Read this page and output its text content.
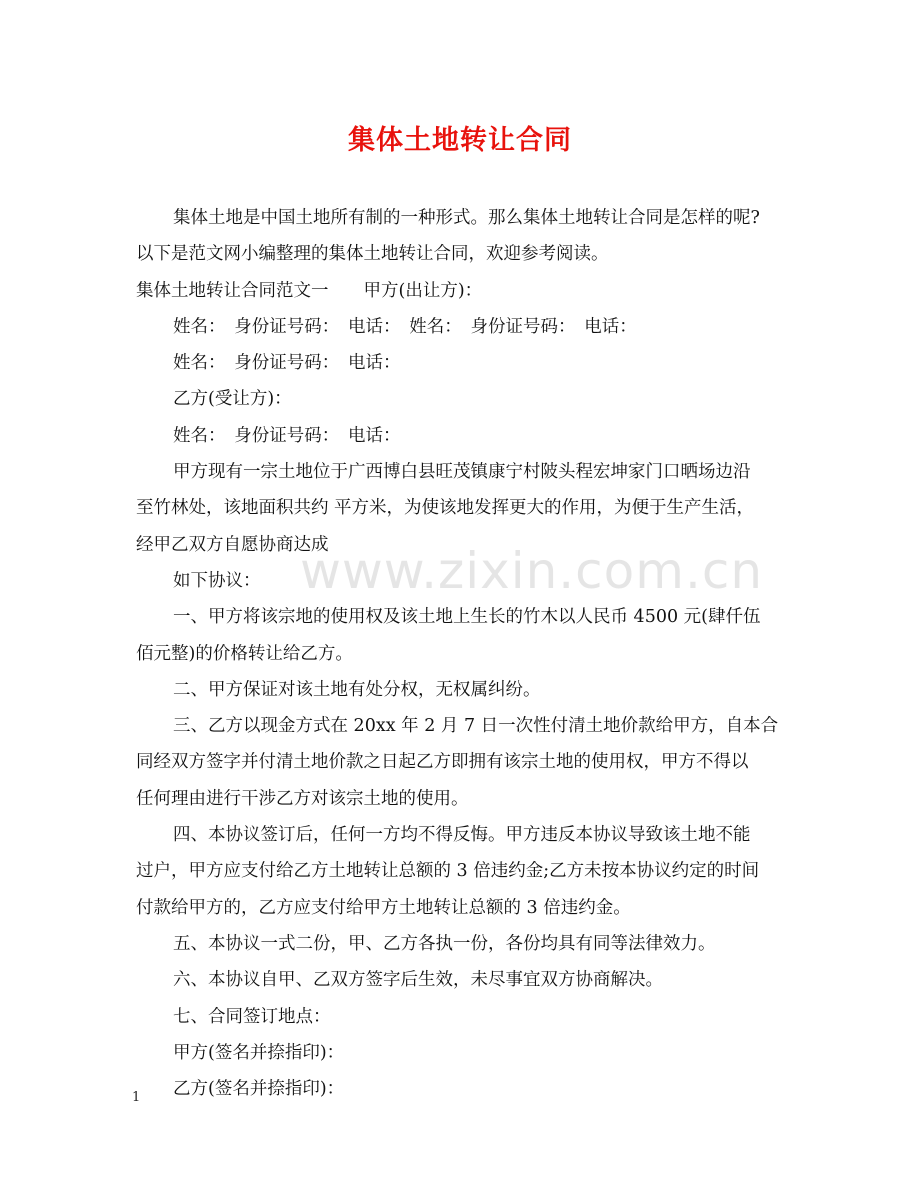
集体土地转让合同

集体土地是中国土地所有制的一种形式。那么集体土地转让合同是怎样的呢?

以下是范文网小编整理的集体土地转让合同，欢迎参考阅读。

集体土地转让合同范文一　　甲方(出让方)：

姓名：　身份证号码：　电话：　姓名：　身份证号码：　电话：

姓名：　身份证号码：　电话：

乙方(受让方)：

姓名：　身份证号码：　电话：

甲方现有一宗土地位于广西博白县旺茂镇康宁村陂头程宏坤家门口晒场边沿

至竹林处，该地面积共约 平方米，为使该地发挥更大的作用，为便于生产生活，

经甲乙双方自愿协商达成

如下协议：

一、甲方将该宗地的使用权及该土地上生长的竹木以人民币 4500 元(肆仟伍

佰元整)的价格转让给乙方。

二、甲方保证对该土地有处分权，无权属纠纷。

三、乙方以现金方式在 20xx 年 2 月 7 日一次性付清土地价款给甲方，自本合

同经双方签字并付清土地价款之日起乙方即拥有该宗土地的使用权，甲方不得以

任何理由进行干涉乙方对该宗土地的使用。

四、本协议签订后，任何一方均不得反悔。甲方违反本协议导致该土地不能

过户，甲方应支付给乙方土地转让总额的 3 倍违约金;乙方未按本协议约定的时间

付款给甲方的，乙方应支付给甲方土地转让总额的 3 倍违约金。

五、本协议一式二份，甲、乙方各执一份，各份均具有同等法律效力。

六、本协议自甲、乙双方签字后生效，未尽事宜双方协商解决。

七、合同签订地点：

甲方(签名并捺指印)：

乙方(签名并捺指印)：

www.zixin.com.cn
1
